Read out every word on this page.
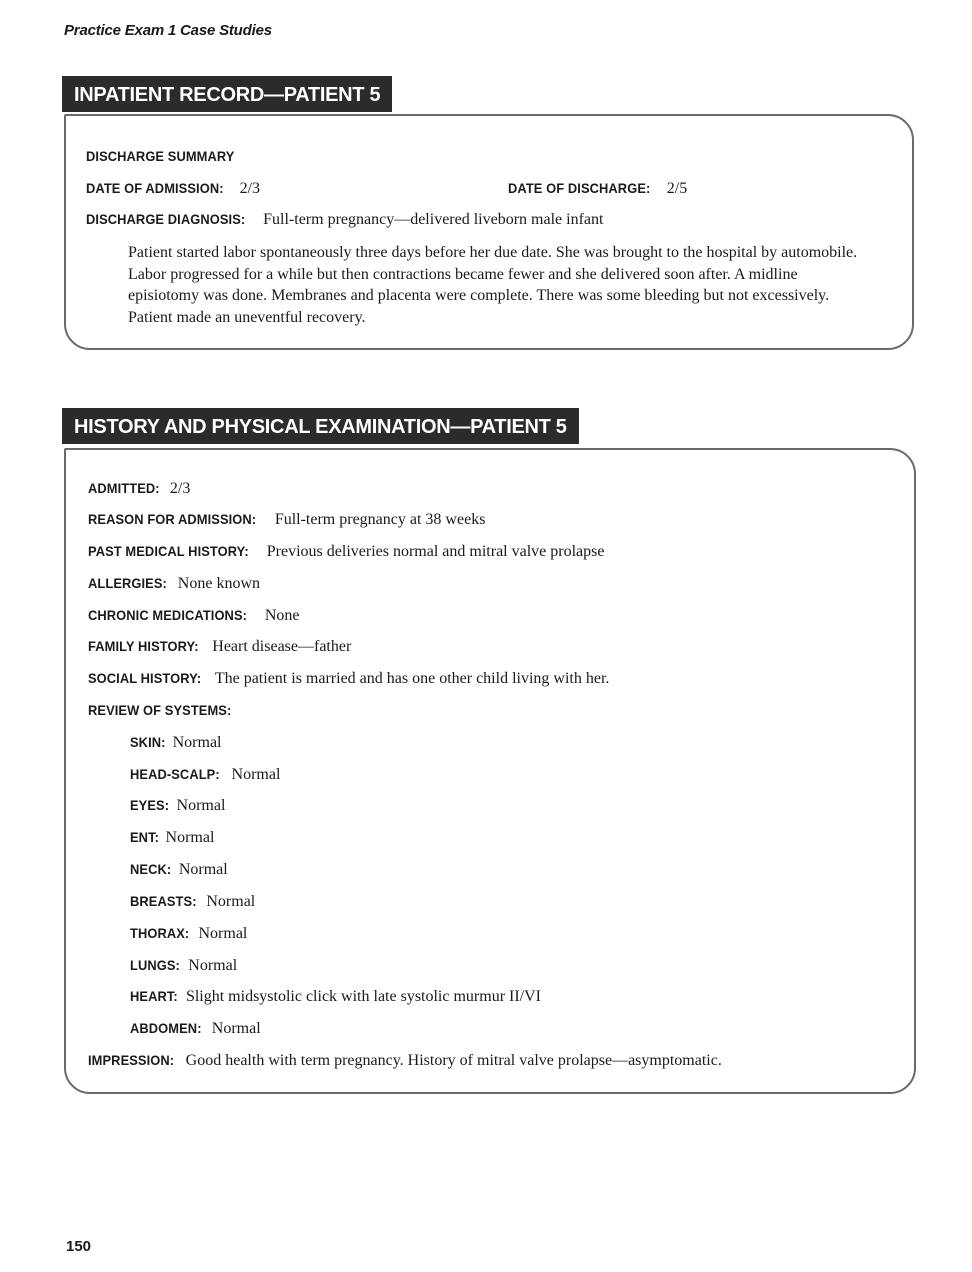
Practice Exam 1 Case Studies
INPATIENT RECORD—PATIENT 5
DISCHARGE SUMMARY
DATE OF ADMISSION: 2/3	DATE OF DISCHARGE: 2/5
DISCHARGE DIAGNOSIS: Full-term pregnancy—delivered liveborn male infant
Patient started labor spontaneously three days before her due date. She was brought to the hospital by automobile. Labor progressed for a while but then contractions became fewer and she delivered soon after. A midline episiotomy was done. Membranes and placenta were complete. There was some bleeding but not excessively. Patient made an uneventful recovery.
HISTORY AND PHYSICAL EXAMINATION—PATIENT 5
ADMITTED: 2/3
REASON FOR ADMISSION: Full-term pregnancy at 38 weeks
PAST MEDICAL HISTORY: Previous deliveries normal and mitral valve prolapse
ALLERGIES: None known
CHRONIC MEDICATIONS: None
FAMILY HISTORY: Heart disease—father
SOCIAL HISTORY: The patient is married and has one other child living with her.
REVIEW OF SYSTEMS:
SKIN: Normal
HEAD-SCALP: Normal
EYES: Normal
ENT: Normal
NECK: Normal
BREASTS: Normal
THORAX: Normal
LUNGS: Normal
HEART: Slight midsystolic click with late systolic murmur II/VI
ABDOMEN: Normal
IMPRESSION: Good health with term pregnancy. History of mitral valve prolapse—asymptomatic.
150
